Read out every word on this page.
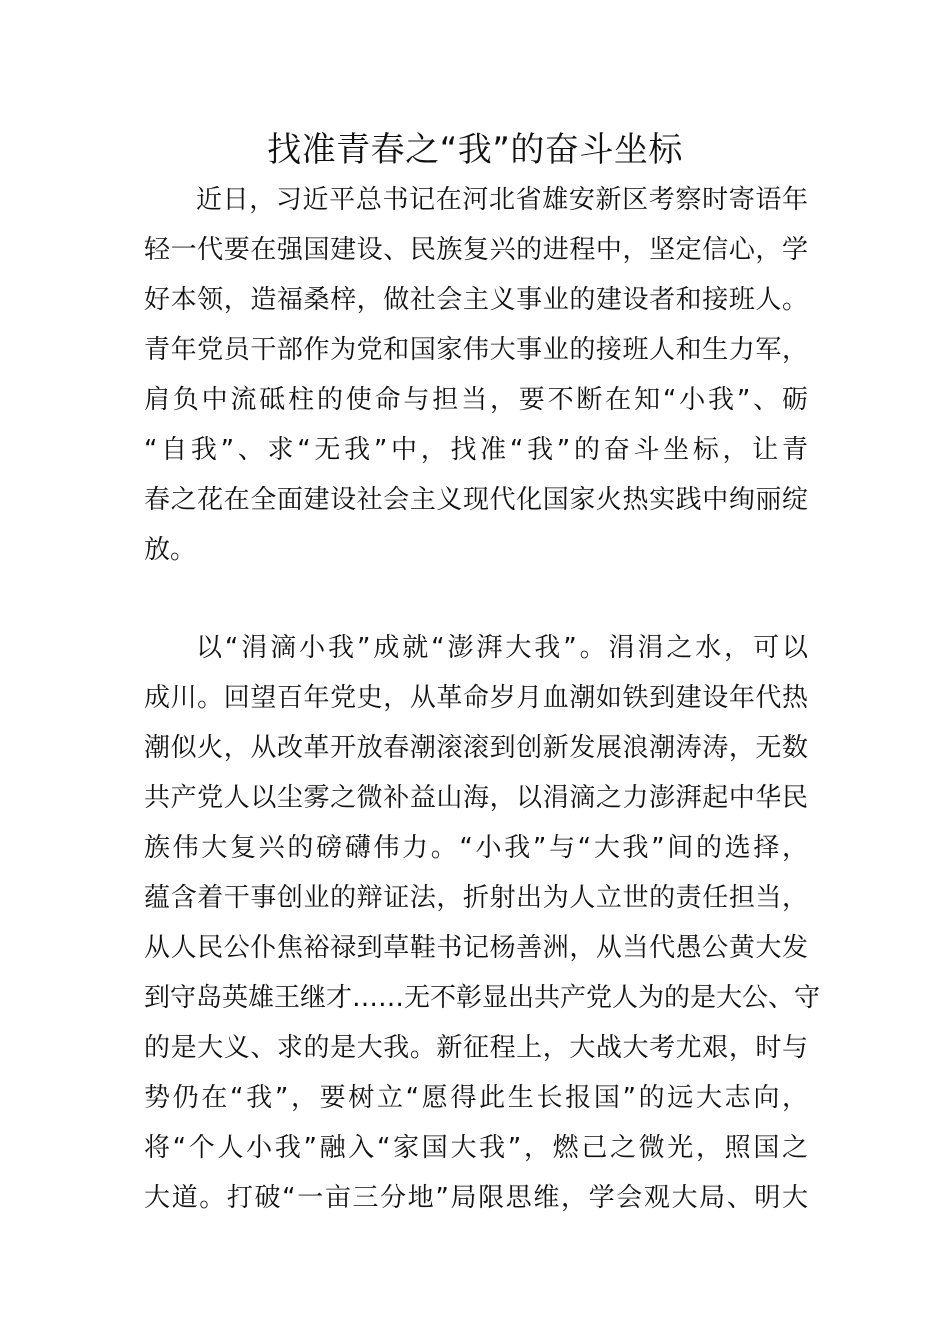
找准青春之“我”的奋斗坐标
近日，习近平总书记在河北省雄安新区考察时寄语年
轻一代要在强国建设、民族复兴的进程中，坚定信心，学
好本领，造福桑梓，做社会主义事业的建设者和接班人。
青年党员干部作为党和国家伟大事业的接班人和生力军，
肩负中流砥柱的使命与担当，要不断在知“小我”、砺
“自我”、求“无我”中，找准“我”的奋斗坐标，让青
春之花在全面建设社会主义现代化国家火热实践中绚丽绽
放。
以“涓滴小我”成就“澎湃大我”。涓涓之水，可以
成川。回望百年党史，从革命岁月血潮如铁到建设年代热
潮似火，从改革开放春潮滚滚到创新发展浪潮涛涛，无数
共产党人以尘雾之微补益山海，以涓滴之力澎湃起中华民
族伟大复兴的磅礴伟力。“小我”与“大我”间的选择，
蕴含着干事创业的辩证法，折射出为人立世的责任担当，
从人民公仆焦裕禄到草鞋书记杨善洲，从当代愚公黄大发
到守岛英雄王继才……无不彰显出共产党人为的是大公、守
的是大义、求的是大我。新征程上，大战大考尤艰，时与
势仍在“我”，要树立“愿得此生长报国”的远大志向，
将“个人小我”融入“家国大我”，燃己之微光，照国之
大道。打破“一亩三分地”局限思维，学会观大局、明大
